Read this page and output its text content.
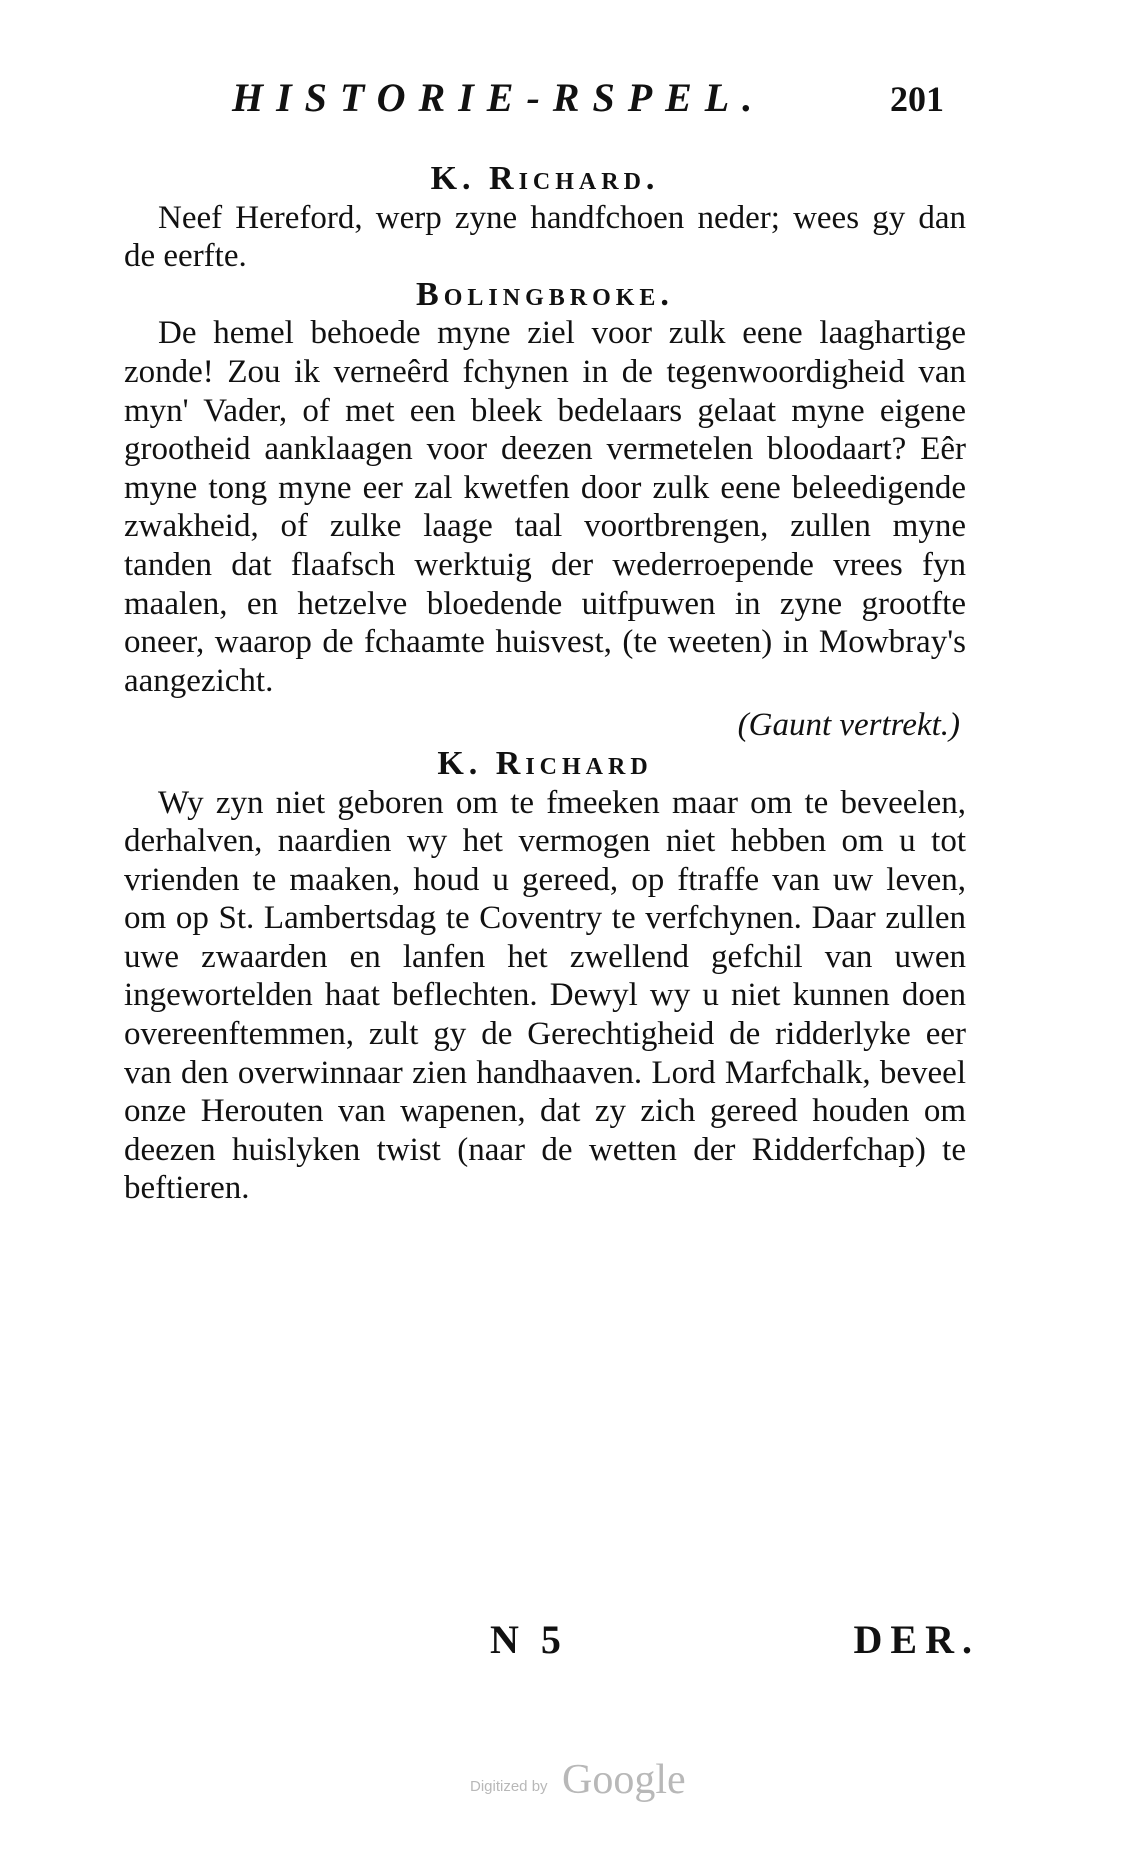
HISTORIE-RSPEL.	201
K. Richard.

Neef Hereford, werp zyne handfchoen neder; wees gy dan de eerfte.

Bolingbroke.

De hemel behoede myne ziel voor zulk eene laaghartige zonde! Zou ik verneêrd fchynen in de tegenwoordigheid van myn' Vader, of met een bleek bedelaars gelaat myne eigene grootheid aanklaagen voor deezen vermetelen bloodaart? Eêr myne tong myne eer zal kwetfen door zulk eene beleedigende zwakheid, of zulke laage taal voortbrengen, zullen myne tanden dat flaafsch werktuig der wederroepende vrees fyn maalen, en hetzelve bloedende uitfpuwen in zyne grootfte oneer, waarop de fchaamte huisvest, (te weeten) in Mowbray's aangezicht.

(Gaunt vertrekt.)

K. Richard

Wy zyn niet geboren om te fmeeken maar om te beveelen, derhalven, naardien wy het vermogen niet hebben om u tot vrienden te maaken, houd u gereed, op ftraffe van uw leven, om op St. Lambertsdag te Coventry te verfchynen. Daar zullen uwe zwaarden en lanfen het zwellend gefchil van uwen ingewortelden haat beflechten. Dewyl wy u niet kunnen doen overeenftemmen, zult gy de Gerechtigheid de ridderlyke eer van den overwinnaar zien handhaaven. Lord Marfchalk, beveel onze Herouten van wapenen, dat zy zich gereed houden om deezen huislyken twist (naar de wetten der Ridderfchap) te beftieren.

N 5	DER.
Digitized by Google
